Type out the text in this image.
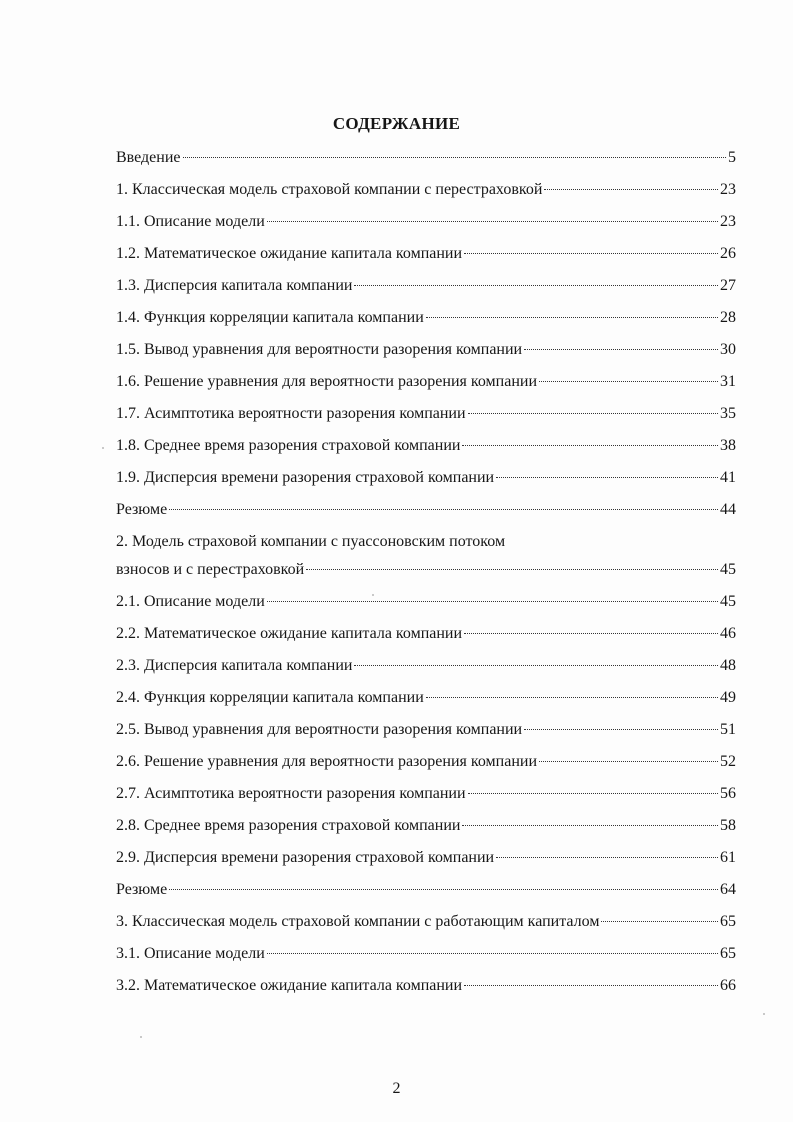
СОДЕРЖАНИЕ
Введение	5
1. Классическая модель страховой компании с перестраховкой	23
1.1. Описание модели	23
1.2. Математическое ожидание капитала компании	26
1.3. Дисперсия капитала компании	27
1.4. Функция корреляции капитала компании	28
1.5. Вывод уравнения для вероятности разорения компании	30
1.6. Решение уравнения для вероятности разорения компании	31
1.7. Асимптотика вероятности разорения компании	35
1.8. Среднее время разорения страховой компании	38
1.9. Дисперсия времени разорения страховой компании	41
Резюме	44
2. Модель страховой компании с пуассоновским потоком
взносов и с перестраховкой	45
2.1. Описание модели	45
2.2. Математическое ожидание капитала компании	46
2.3. Дисперсия капитала компании	48
2.4. Функция корреляции капитала компании	49
2.5. Вывод уравнения для вероятности разорения компании	51
2.6. Решение уравнения для вероятности разорения компании	52
2.7. Асимптотика вероятности разорения компании	56
2.8. Среднее время разорения страховой компании	58
2.9. Дисперсия времени разорения страховой компании	61
Резюме	64
3. Классическая модель страховой компании с работающим капиталом	65
3.1. Описание модели	65
3.2. Математическое ожидание капитала компании	66
2
